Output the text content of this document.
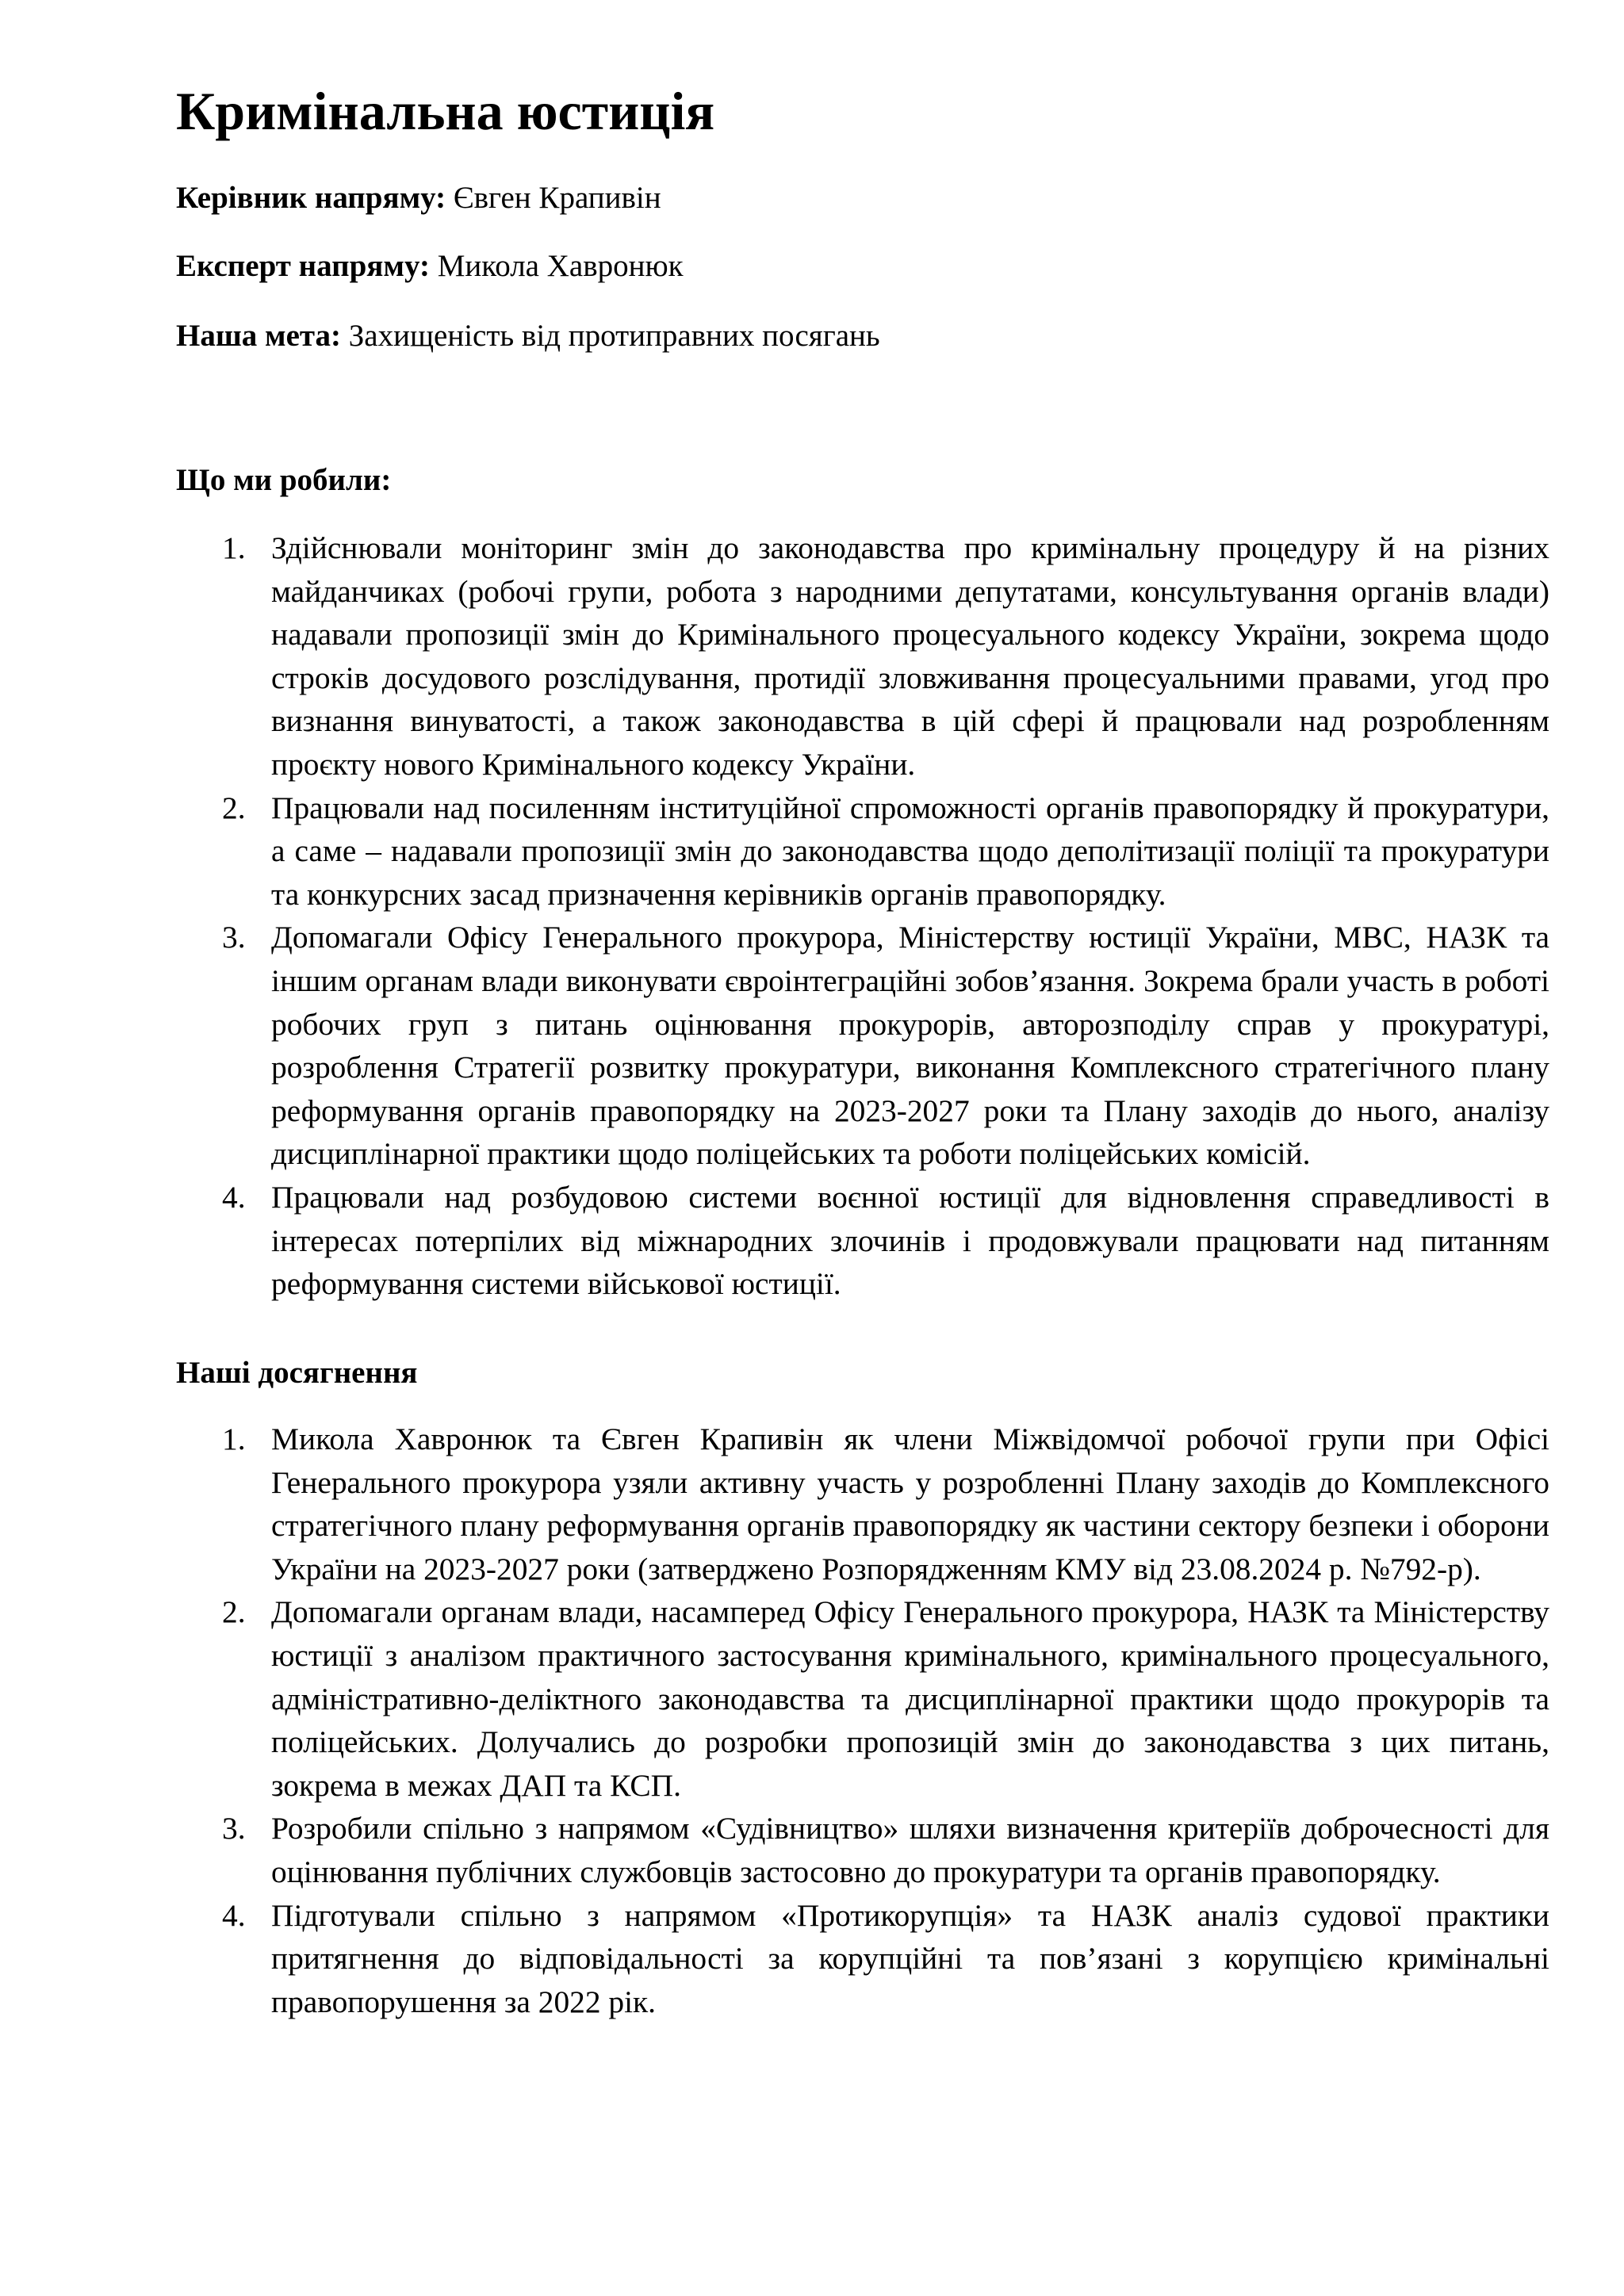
Кримінальна юстиція

Керівник напряму: Євген Крапивін

Експерт напряму: Микола Хавронюк

Наша мета: Захищеність від протиправних посягань

Що ми робили:
1. Здійснювали моніторинг змін до законодавства про кримінальну процедуру й на різних майданчиках (робочі групи, робота з народними депутатами, консультування органів влади) надавали пропозиції змін до Кримінального процесуального кодексу України, зокрема щодо строків досудового розслідування, протидії зловживання процесуальними правами, угод про визнання винуватості, а також законодавства в цій сфері й працювали над розробленням проєкту нового Кримінального кодексу України.
2. Працювали над посиленням інституційної спроможності органів правопорядку й прокуратури, а саме – надавали пропозиції змін до законодавства щодо деполітизації поліції та прокуратури та конкурсних засад призначення керівників органів правопорядку.
3. Допомагали Офісу Генерального прокурора, Міністерству юстиції України, МВС, НАЗК та іншим органам влади виконувати євроінтеграційні зобов’язання. Зокрема брали участь в роботі робочих груп з питань оцінювання прокурорів, авторозподілу справ у прокуратурі, розроблення Стратегії розвитку прокуратури, виконання Комплексного стратегічного плану реформування органів правопорядку на 2023-2027 роки та Плану заходів до нього, аналізу дисциплінарної практики щодо поліцейських та роботи поліцейських комісій.
4. Працювали над розбудовою системи воєнної юстиції для відновлення справедливості в інтересах потерпілих від міжнародних злочинів і продовжували працювати над питанням реформування системи військової юстиції.
Наші досягнення
1. Микола Хавронюк та Євген Крапивін як члени Міжвідомчої робочої групи при Офісі Генерального прокурора узяли активну участь у розробленні Плану заходів до Комплексного стратегічного плану реформування органів правопорядку як частини сектору безпеки і оборони України на 2023-2027 роки (затверджено Розпорядженням КМУ від 23.08.2024 р. №792-р).
2. Допомагали органам влади, насамперед Офісу Генерального прокурора, НАЗК та Міністерству юстиції з аналізом практичного застосування кримінального, кримінального процесуального, адміністративно-деліктного законодавства та дисциплінарної практики щодо прокурорів та поліцейських. Долучались до розробки пропозицій змін до законодавства з цих питань, зокрема в межах ДАП та КСП.
3. Розробили спільно з напрямом «Судівництво» шляхи визначення критеріїв доброчесності для оцінювання публічних службовців застосовно до прокуратури та органів правопорядку.
4. Підготували спільно з напрямом «Протикорупція» та НАЗК аналіз судової практики притягнення до відповідальності за корупційні та пов’язані з корупцією кримінальні правопорушення за 2022 рік.
